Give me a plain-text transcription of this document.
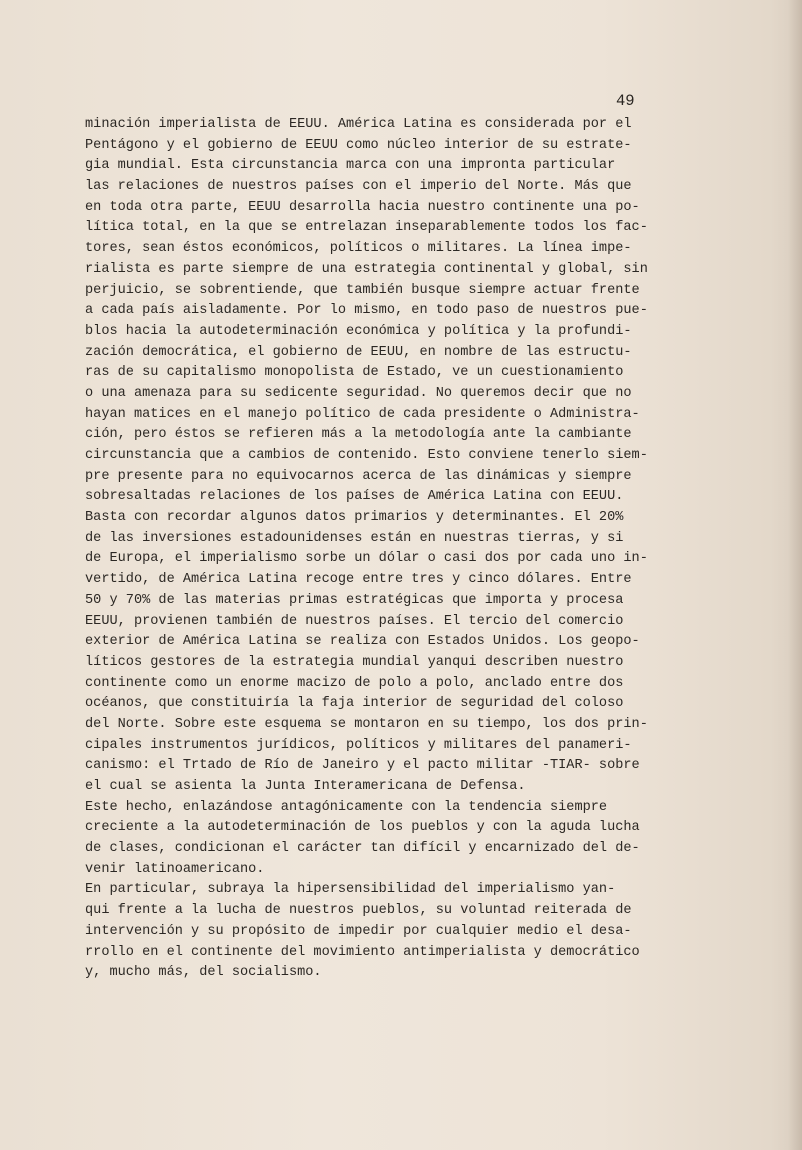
49
minación imperialista de EEUU. América Latina es considerada por el
Pentágono y el gobierno de EEUU como núcleo interior de su estrate-
gia mundial. Esta circunstancia marca con una impronta particular
las relaciones de nuestros países con el imperio del Norte. Más que
en toda otra parte, EEUU desarrolla hacia nuestro continente una po-
lítica total, en la que se entrelazan inseparablemente todos los fac-
tores, sean éstos económicos, políticos o militares. La línea impe-
rialista es parte siempre de una estrategia continental y global, sin
perjuicio, se sobrentiende, que también busque siempre actuar frente
a cada país aisladamente. Por lo mismo, en todo paso de nuestros pue-
blos hacia la autodeterminación económica y política y la profundi-
zación democrática, el gobierno de EEUU, en nombre de las estructu-
ras de su capitalismo monopolista de Estado, ve un cuestionamiento
o una amenaza para su sedicente seguridad. No queremos decir que no
hayan matices en el manejo político de cada presidente o Administra-
ción, pero éstos se refieren más a la metodología ante la cambiante
circunstancia que a cambios de contenido. Esto conviene tenerlo siem-
pre presente para no equivocarnos acerca de las dinámicas y siempre
sobresaltadas relaciones de los países de América Latina con EEUU.
Basta con recordar algunos datos primarios y determinantes. El 20%
de las inversiones estadounidenses están en nuestras tierras, y si
de Europa, el imperialismo sorbe un dólar o casi dos por cada uno in-
vertido, de América Latina recoge entre tres y cinco dólares. Entre
50 y 70% de las materias primas estratégicas que importa y procesa
EEUU, provienen también de nuestros países. El tercio del comercio
exterior de América Latina se realiza con Estados Unidos. Los geopo-
líticos gestores de la estrategia mundial yanqui describen nuestro
continente como un enorme macizo de polo a polo, anclado entre dos
océanos, que constituiría la faja interior de seguridad del coloso
del Norte. Sobre este esquema se montaron en su tiempo, los dos prin-
cipales instrumentos jurídicos, políticos y militares del panameri-
canismo: el Trtado de Río de Janeiro y el pacto militar -TIAR- sobre
el cual se asienta la Junta Interamericana de Defensa.
Este hecho, enlazándose antagónicamente con la tendencia siempre
creciente a la autodeterminación de los pueblos y con la aguda lucha
de clases, condicionan el carácter tan difícil y encarnizado del de-
venir latinoamericano.
En particular, subraya la hipersensibilidad del imperialismo yan-
qui frente a la lucha de nuestros pueblos, su voluntad reiterada de
intervención y su propósito de impedir por cualquier medio el desa-
rrollo en el continente del movimiento antimperialista y democrático
y, mucho más, del socialismo.
